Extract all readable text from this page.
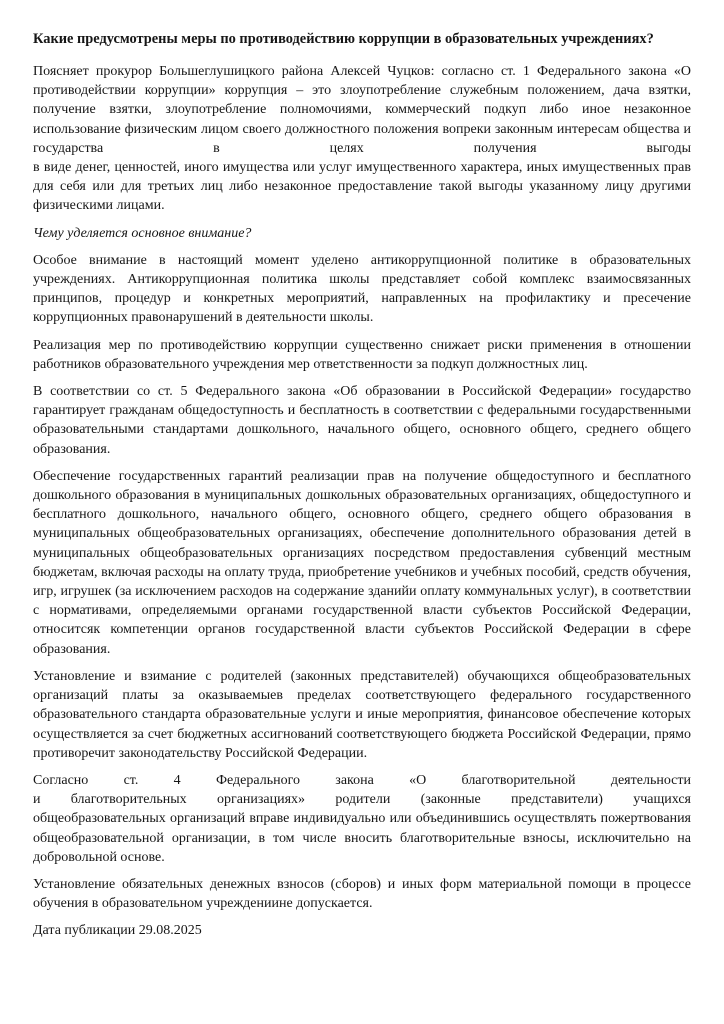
Какие предусмотрены меры по противодействию коррупции в образовательных учреждениях?

Поясняет прокурор Большеглушицкого района Алексей Чуцков: согласно ст. 1 Федерального закона «О противодействии коррупции» коррупция – это злоупотребление служебным положением, дача взятки, получение взятки, злоупотребление полномочиями, коммерческий подкуп либо иное незаконное использование физическим лицом своего должностного положения вопреки законным интересам общества и государства в целях получения выгоды
в виде денег, ценностей, иного имущества или услуг имущественного характера, иных имущественных прав для себя или для третьих лиц либо незаконное предоставление такой выгоды указанному лицу другими физическими лицами.

Чему уделяется основное внимание?

Особое внимание в настоящий момент уделено антикоррупционной политике в образовательных учреждениях. Антикоррупционная политика школы представляет собой комплекс взаимосвязанных принципов, процедур и конкретных мероприятий, направленных на профилактику и пресечение коррупционных правонарушений в деятельности школы.

Реализация мер по противодействию коррупции существенно снижает риски применения в отношении работников образовательного учреждения мер ответственности за подкуп должностных лиц.

В соответствии со ст. 5 Федерального закона «Об образовании в Российской Федерации» государство гарантирует гражданам общедоступность и бесплатность в соответствии с федеральными государственными образовательными стандартами дошкольного, начального общего, основного общего, среднего общего образования.

Обеспечение государственных гарантий реализации прав на получение общедоступного и бесплатного дошкольного образования в муниципальных дошкольных образовательных организациях, общедоступного и бесплатного дошкольного, начального общего, основного общего, среднего общего образования в муниципальных общеобразовательных организациях, обеспечение дополнительного образования детей в муниципальных общеобразовательных организациях посредством предоставления субвенций местным бюджетам, включая расходы на оплату труда, приобретение учебников и учебных пособий, средств обучения, игр, игрушек (за исключением расходов на содержание зданийи оплату коммунальных услуг), в соответствии с нормативами, определяемыми органами государственной власти субъектов Российской Федерации, относитсяк компетенции органов государственной власти субъектов Российской Федерации в сфере образования.

Установление и взимание с родителей (законных представителей) обучающихся общеобразовательных организаций платы за оказываемыев пределах соответствующего федерального государственного образовательного стандарта образовательные услуги и иные мероприятия, финансовое обеспечение которых осуществляется за счет бюджетных ассигнований соответствующего бюджета Российской Федерации, прямо противоречит законодательству Российской Федерации.

Согласно ст. 4 Федерального закона «О благотворительной деятельности
и благотворительных организациях» родители (законные представители) учащихся
общеобразовательных организаций вправе индивидуально или объединившись осуществлять пожертвования общеобразовательной организации, в том числе вносить благотворительные взносы, исключительно на добровольной основе.

Установление обязательных денежных взносов (сборов) и иных форм материальной помощи в процессе обучения в образовательном учреждениине допускается.

Дата публикации 29.08.2025
